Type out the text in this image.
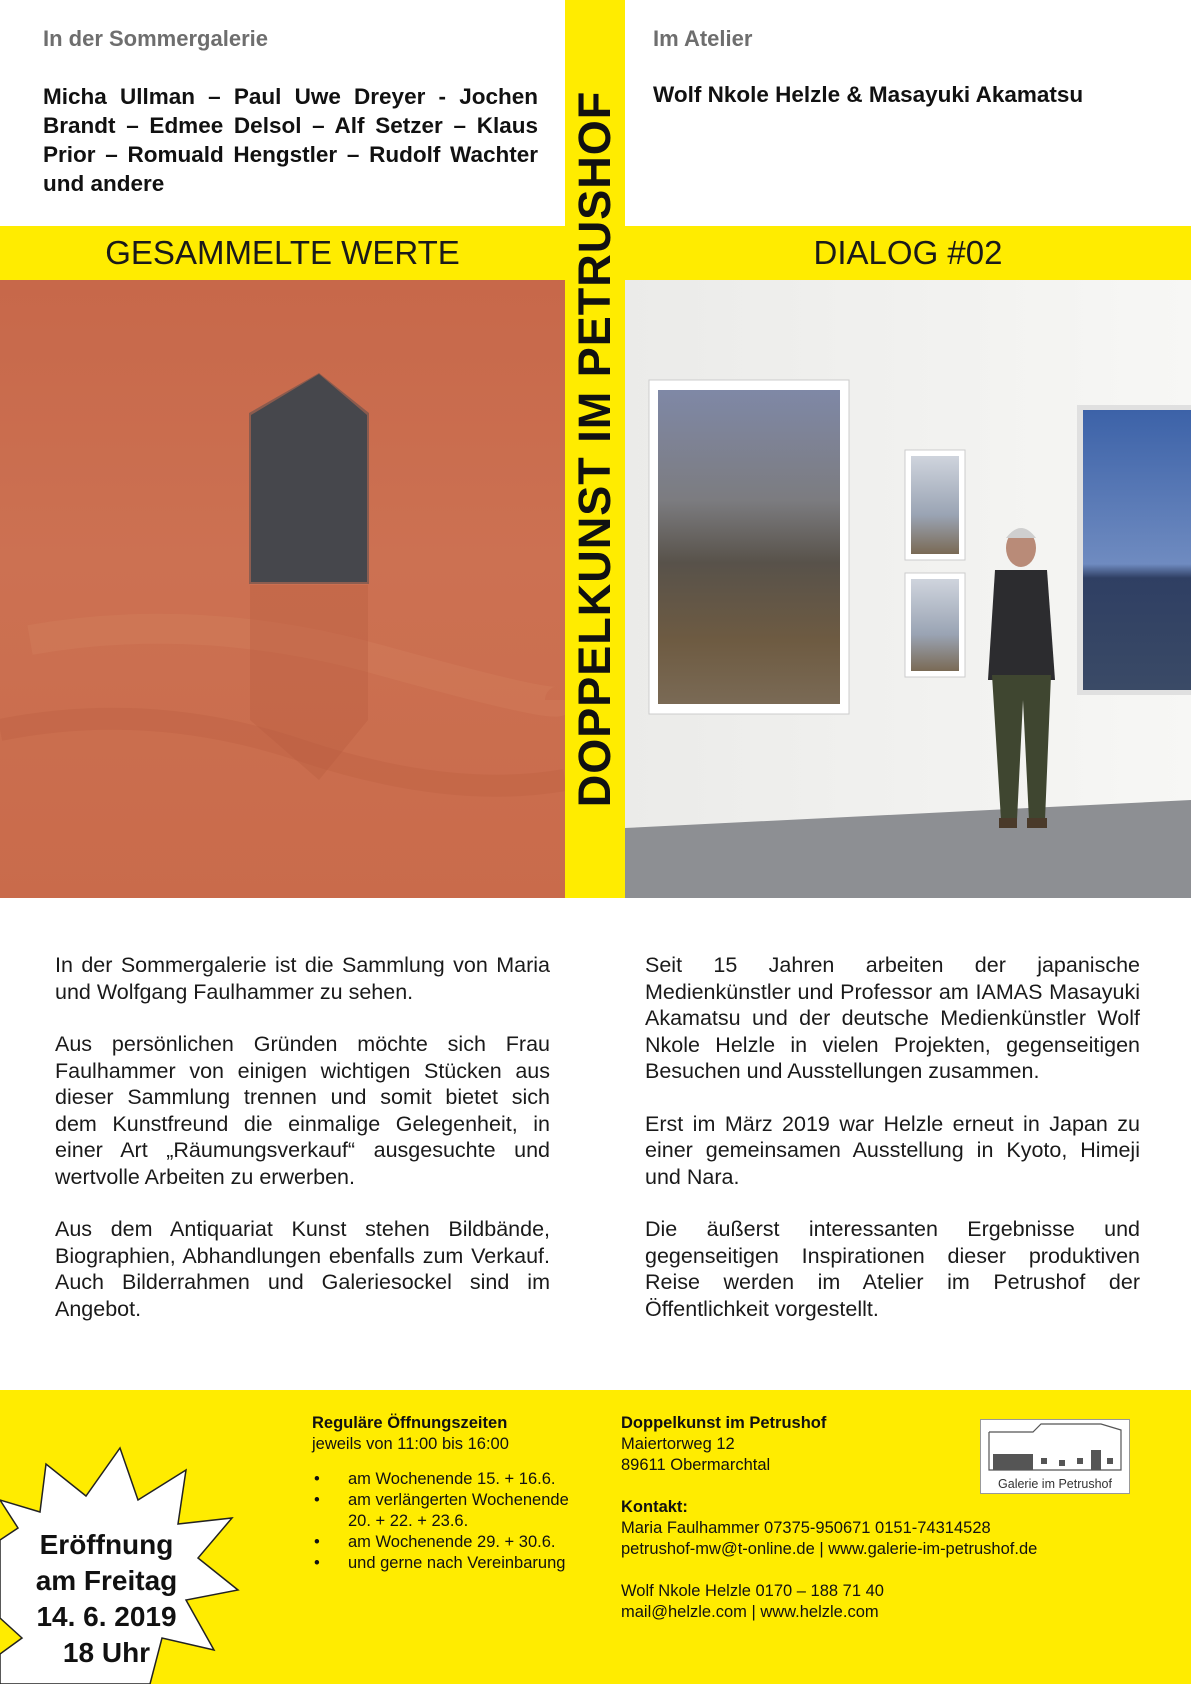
In der Sommergalerie
Micha Ullman – Paul Uwe Dreyer - Jochen Brandt – Edmee Delsol – Alf Setzer – Klaus Prior – Romuald Hengstler – Rudolf Wachter und andere
Im Atelier
Wolf Nkole Helzle & Masayuki Akamatsu
GESAMMELTE WERTE	DIALOG #02
DOPPELKUNST IM PETRUSHOF

In der Sommergalerie ist die Sammlung von Maria und Wolfgang Faulhammer zu sehen.

Aus persönlichen Gründen möchte sich Frau Faulhammer von einigen wichtigen Stücken aus dieser Sammlung trennen und somit bietet sich dem Kunstfreund die einmalige Gelegenheit, in einer Art „Räumungsverkauf“ ausgesuchte und wertvolle Arbeiten zu erwerben.

Aus dem Antiquariat Kunst stehen Bildbände, Biographien, Abhandlungen ebenfalls zum Verkauf. Auch Bilderrahmen und Galeriesockel sind im Angebot.

Seit 15 Jahren arbeiten der japanische Medienkünstler und Professor am IAMAS Masayuki Akamatsu und der deutsche Medienkünstler Wolf Nkole Helzle in vielen Projekten, gegenseitigen Besuchen und Ausstellungen zusammen.

Erst im März 2019 war Helzle erneut in Japan zu einer gemeinsamen Ausstellung in Kyoto, Himeji und Nara.

Die äußerst interessanten Ergebnisse und gegenseitigen Inspirationen dieser produktiven Reise werden im Atelier im Petrushof der Öffentlichkeit vorgestellt.

Eröffnung
am Freitag
14. 6. 2019
18 Uhr
Reguläre Öffnungszeiten
jeweils von 11:00 bis 16:00
• am Wochenende 15. + 16.6.
• am verlängerten Wochenende 20. + 22. + 23.6.
• am Wochenende 29. + 30.6.
• und gerne nach Vereinbarung
Doppelkunst im Petrushof
Maiertorweg 12
89611 Obermarchtal
Kontakt:
Maria Faulhammer 07375-950671 0151-74314528
petrushof-mw@t-online.de | www.galerie-im-petrushof.de
Wolf Nkole Helzle 0170 – 188 71 40
mail@helzle.com | www.helzle.com
Galerie im Petrushof
